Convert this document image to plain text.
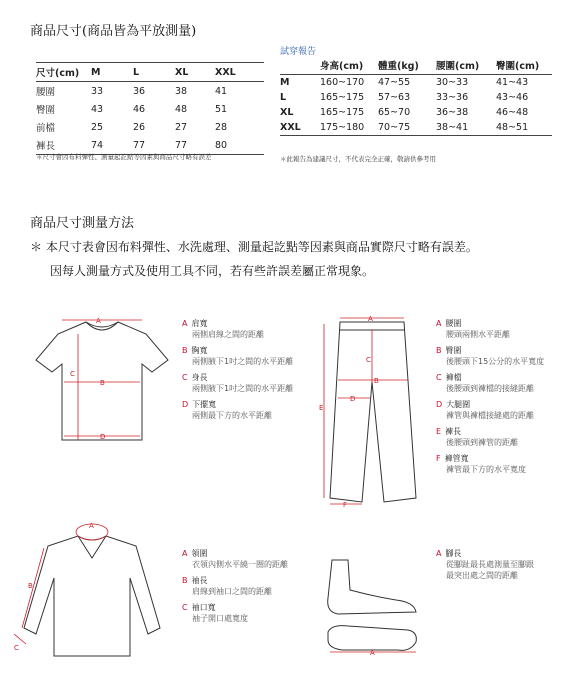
商品尺寸(商品皆為平放測量)
尺寸(cm)	M	L	XL	XXL
腰圍	33	36	38	41
臀圍	43	46	48	51
前檔	25	26	27	28
褲長	74	77	77	80
＊尺寸會因布料彈性、測量起訖點等因素與商品尺寸略有誤差
試穿報告
	身高(cm)	體重(kg)	腰圍(cm)	臀圍(cm)
M	160~170	47~55	30~33	41~43
L	165~175	57~63	33~36	43~46
XL	165~175	65~70	36~38	46~48
XXL	175~180	70~75	38~41	48~51
＊此報告為建議尺寸，不代表完全正確，敬請供參考用
商品尺寸測量方法
＊ 本尺寸表會因布料彈性、水洗處理、測量起訖點等因素與商品實際尺寸略有誤差。
因每人測量方式及使用工具不同，若有些許誤差屬正常現象。
A
B
C
D
A 肩寬
兩側肩線之間的距離
B 胸寬
兩側腋下1吋之間的水平距離
C 身長
兩側腋下1吋之間的水平距離
D 下擺寬
兩側最下方的水平距離
A
B
C
D
E
F
A 腰圍
腰頭兩側水平距離
B 臀圍
後腰頭下15公分的水平寬度
C 褲檔
後腰頭到褲檔的接縫距離
D 大腿圍
褲管與褲檔接縫處的距離
E 褲長
後腰頭到褲管的距離
F 褲管寬
褲管最下方的水平寬度
A
B
C
A 領圍
衣領內側水平繞一圈的距離
B 袖長
肩線到袖口之間的距離
C 袖口寬
袖子開口處寬度
A
A 腳長
從腳趾最長處測量至腳跟
最突出處之間的距離
